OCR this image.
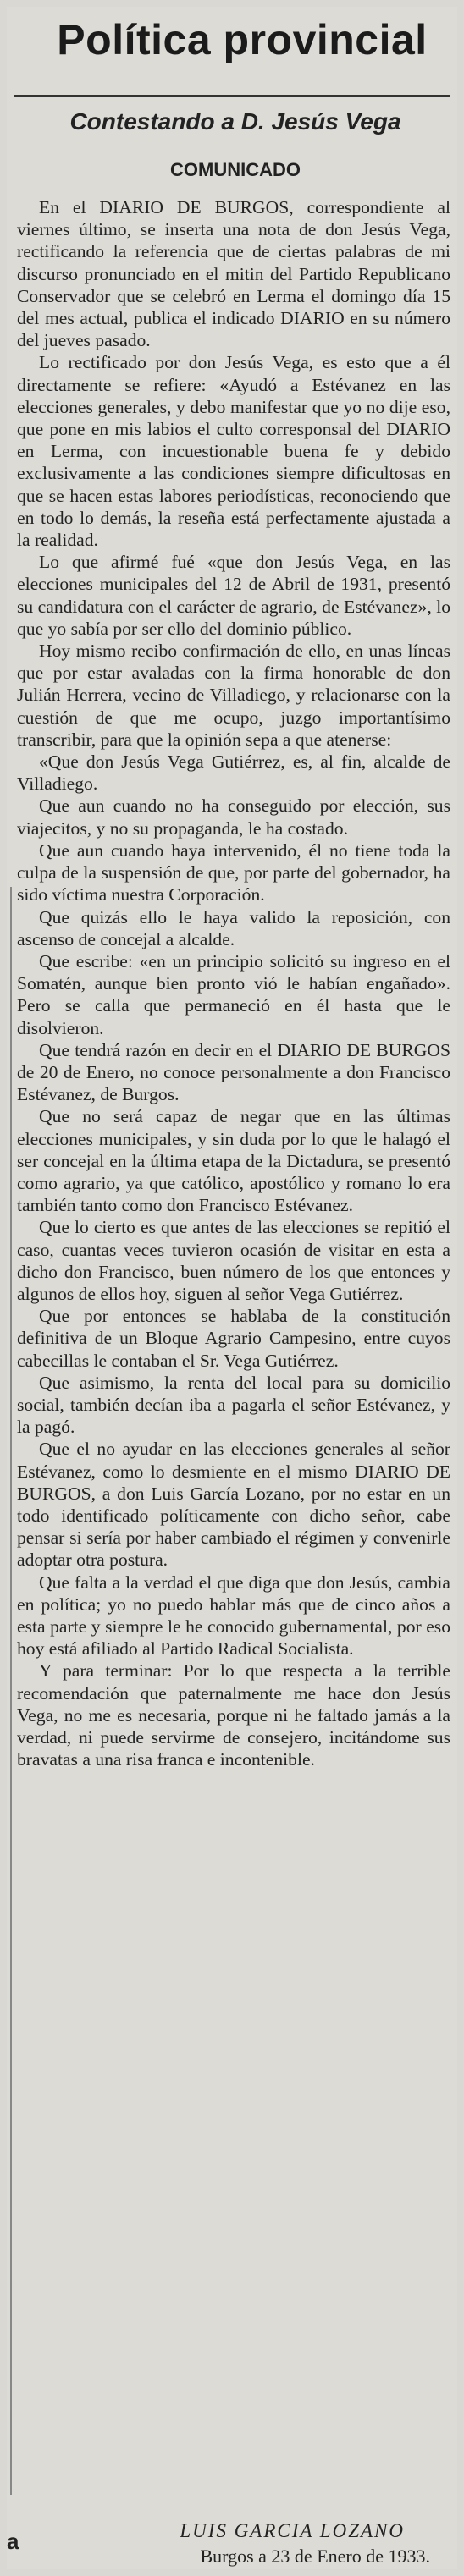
Política provincial
Contestando a D. Jesús Vega
COMUNICADO

En el DIARIO DE BURGOS, correspondiente al viernes último, se inserta una nota de don Jesús Vega, rectificando la referencia que de ciertas palabras de mi discurso pronunciado en el mitin del Partido Republicano Conservador que se celebró en Lerma el domingo día 15 del mes actual, publica el indicado DIARIO en su número del jueves pasado.

Lo rectificado por don Jesús Vega, es esto que a él directamente se refiere: «Ayudó a Estévanez en las elecciones generales, y debo manifestar que yo no dije eso, que pone en mis labios el culto corresponsal del DIARIO en Lerma, con incuestionable buena fe y debido exclusivamente a las condiciones siempre dificultosas en que se hacen estas labores periodísticas, reconociendo que en todo lo demás, la reseña está perfectamente ajustada a la realidad.

Lo que afirmé fué «que don Jesús Vega, en las elecciones municipales del 12 de Abril de 1931, presentó su candidatura con el carácter de agrario, de Estévanez», lo que yo sabía por ser ello del dominio público.

Hoy mismo recibo confirmación de ello, en unas líneas que por estar avaladas con la firma honorable de don Julián Herrera, vecino de Villadiego, y relacionarse con la cuestión de que me ocupo, juzgo importantísimo transcribir, para que la opinión sepa a que atenerse:

«Que don Jesús Vega Gutiérrez, es, al fin, alcalde de Villadiego.

Que aun cuando no ha conseguido por elección, sus viajecitos, y no su propaganda, le ha costado.

Que aun cuando haya intervenido, él no tiene toda la culpa de la suspensión de que, por parte del gobernador, ha sido víctima nuestra Corporación.

Que quizás ello le haya valido la reposición, con ascenso de concejal a alcalde.

Que escribe: «en un principio solicitó su ingreso en el Somatén, aunque bien pronto vió le habían engañado». Pero se calla que permaneció en él hasta que le disolvieron.

Que tendrá razón en decir en el DIARIO DE BURGOS de 20 de Enero, no conoce personalmente a don Francisco Estévanez, de Burgos.

Que no será capaz de negar que en las últimas elecciones municipales, y sin duda por lo que le halagó el ser concejal en la última etapa de la Dictadura, se presentó como agrario, ya que católico, apostólico y romano lo era también tanto como don Francisco Estévanez.

Que lo cierto es que antes de las elecciones se repitió el caso, cuantas veces tuvieron ocasión de visitar en esta a dicho don Francisco, buen número de los que entonces y algunos de ellos hoy, siguen al señor Vega Gutiérrez.

Que por entonces se hablaba de la constitución definitiva de un Bloque Agrario Campesino, entre cuyos cabecillas le contaban el Sr. Vega Gutiérrez.

Que asimismo, la renta del local para su domicilio social, también decían iba a pagarla el señor Estévanez, y la pagó.

Que el no ayudar en las elecciones generales al señor Estévanez, como lo desmiente en el mismo DIARIO DE BURGOS, a don Luis García Lozano, por no estar en un todo identificado políticamente con dicho señor, cabe pensar si sería por haber cambiado el régimen y convenirle adoptar otra postura.

Que falta a la verdad el que diga que don Jesús, cambia en política; yo no puedo hablar más que de cinco años a esta parte y siempre le he conocido gubernamental, por eso hoy está afiliado al Partido Radical Socialista.

Y para terminar: Por lo que respecta a la terrible recomendación que paternalmente me hace don Jesús Vega, no me es necesaria, porque ni he faltado jamás a la verdad, ni puede servirme de consejero, incitándome sus bravatas a una risa franca e incontenible.

LUIS GARCIA LOZANO

Burgos a 23 de Enero de 1933.

a
